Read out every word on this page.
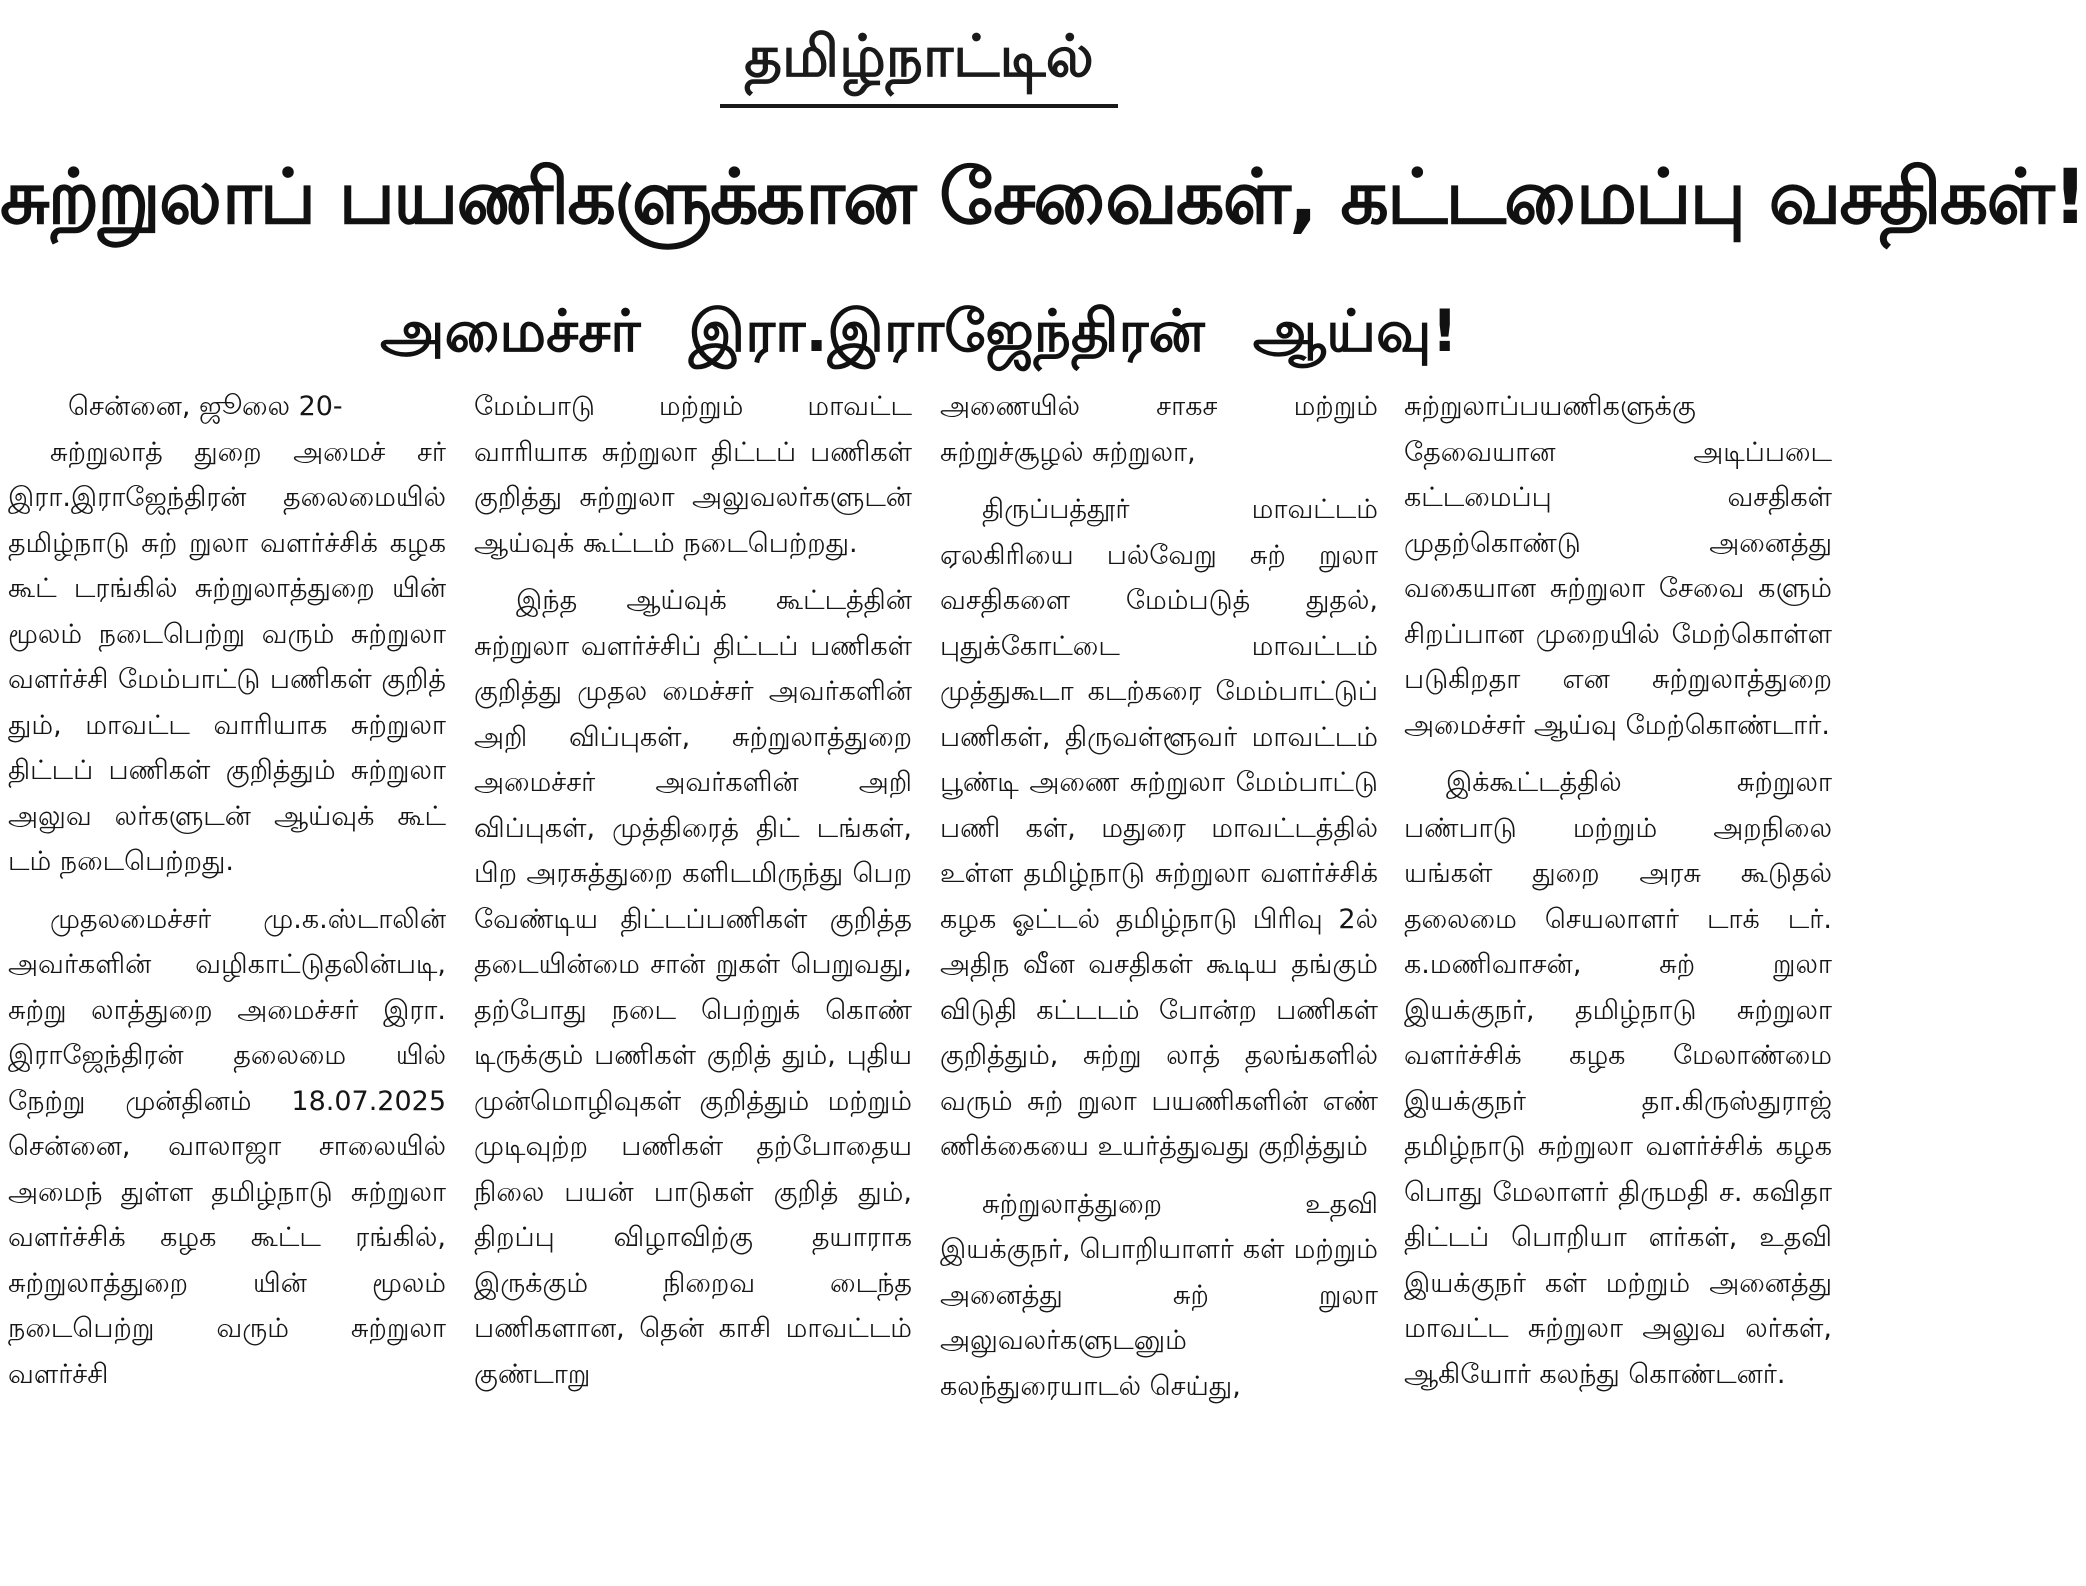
தமிழ்நாட்டில்
சுற்றுலாப் பயணிகளுக்கான சேவைகள், கட்டமைப்பு வசதிகள்!
அமைச்சர் இரா.இராஜேந்திரன் ஆய்வு!

சென்னை, ஜூலை 20-

சுற்றுலாத் துறை அமைச் சர் இரா.இராஜேந்திரன் தலைமையில் தமிழ்நாடு சுற் றுலா வளர்ச்சிக் கழக கூட் டரங்கில் சுற்றுலாத்துறை யின் மூலம் நடைபெற்று வரும் சுற்றுலா வளர்ச்சி மேம்பாட்டு பணிகள் குறித் தும், மாவட்ட வாரியாக சுற்றுலா திட்டப் பணிகள் குறித்தும் சுற்றுலா அலுவ லர்களுடன் ஆய்வுக் கூட் டம் நடைபெற்றது.

முதலமைச்சர் மு.க.ஸ்டாலின் அவர்களின் வழிகாட்டுதலின்படி, சுற்று லாத்துறை அமைச்சர் இரா. இராஜேந்திரன் தலைமை யில் நேற்று முன்தினம் 18.07.2025 சென்னை, வாலாஜா சாலையில் அமைந் துள்ள தமிழ்நாடு சுற்றுலா வளர்ச்சிக் கழக கூட்ட ரங்கில், சுற்றுலாத்துறை யின் மூலம் நடைபெற்று வரும் சுற்றுலா வளர்ச்சி

மேம்பாடு மற்றும் மாவட்ட வாரியாக சுற்றுலா திட்டப் பணிகள் குறித்து சுற்றுலா அலுவலர்களுடன் ஆய்வுக் கூட்டம் நடைபெற்றது.

இந்த ஆய்வுக் கூட்டத்தின் சுற்றுலா வளர்ச்சிப் திட்டப் பணிகள் குறித்து முதல மைச்சர் அவர்களின் அறி விப்புகள், சுற்றுலாத்துறை அமைச்சர் அவர்களின் அறி விப்புகள், முத்திரைத் திட் டங்கள், பிற அரசுத்துறை களிடமிருந்து பெற வேண்டிய திட்டப்பணிகள் குறித்த தடையின்மை சான் றுகள் பெறுவது, தற்போது நடை பெற்றுக் கொண் டிருக்கும் பணிகள் குறித் தும், புதிய முன்மொழிவுகள் குறித்தும் மற்றும் முடிவுற்ற பணிகள் தற்போதைய நிலை பயன் பாடுகள் குறித் தும், திறப்பு விழாவிற்கு தயாராக இருக்கும் நிறைவ டைந்த பணிகளான, தென் காசி மாவட்டம் குண்டாறு

அணையில் சாகச மற்றும் சுற்றுச்சூழல் சுற்றுலா,

திருப்பத்தூர் மாவட்டம் ஏலகிரியை பல்வேறு சுற் றுலா வசதிகளை மேம்படுத் துதல், புதுக்கோட்டை மாவட்டம் முத்துகூடா கடற்கரை மேம்பாட்டுப் பணிகள், திருவள்ளூவர் மாவட்டம் பூண்டி அணை சுற்றுலா மேம்பாட்டு பணி கள், மதுரை மாவட்டத்தில் உள்ள தமிழ்நாடு சுற்றுலா வளர்ச்சிக் கழக ஓட்டல் தமிழ்நாடு பிரிவு 2ல் அதிந வீன வசதிகள் கூடிய தங்கும் விடுதி கட்டடம் போன்ற பணிகள் குறித்தும், சுற்று லாத் தலங்களில் வரும் சுற் றுலா பயணிகளின் எண் ணிக்கையை உயர்த்துவது குறித்தும்

சுற்றுலாத்துறை உதவி இயக்குநர், பொறியாளர் கள் மற்றும் அனைத்து சுற் றுலா அலுவலர்களுடனும் கலந்துரையாடல் செய்து,

சுற்றுலாப்பயணிகளுக்கு தேவையான அடிப்படை கட்டமைப்பு வசதிகள் முதற்கொண்டு அனைத்து வகையான சுற்றுலா சேவை களும் சிறப்பான முறையில் மேற்கொள்ள படுகிறதா என சுற்றுலாத்துறை அமைச்சர் ஆய்வு மேற்கொண்டார்.

இக்கூட்டத்தில் சுற்றுலா பண்பாடு மற்றும் அறநிலை யங்கள் துறை அரசு கூடுதல் தலைமை செயலாளர் டாக் டர். க.மணிவாசன், சுற் றுலா இயக்குநர், தமிழ்நாடு சுற்றுலா வளர்ச்சிக் கழக மேலாண்மை இயக்குநர் தா.கிருஸ்துராஜ் தமிழ்நாடு சுற்றுலா வளர்ச்சிக் கழக பொது மேலாளர் திருமதி ச. கவிதா திட்டப் பொறியா ளர்கள், உதவி இயக்குநர் கள் மற்றும் அனைத்து மாவட்ட சுற்றுலா அலுவ லர்கள், ஆகியோர் கலந்து கொண்டனர்.
